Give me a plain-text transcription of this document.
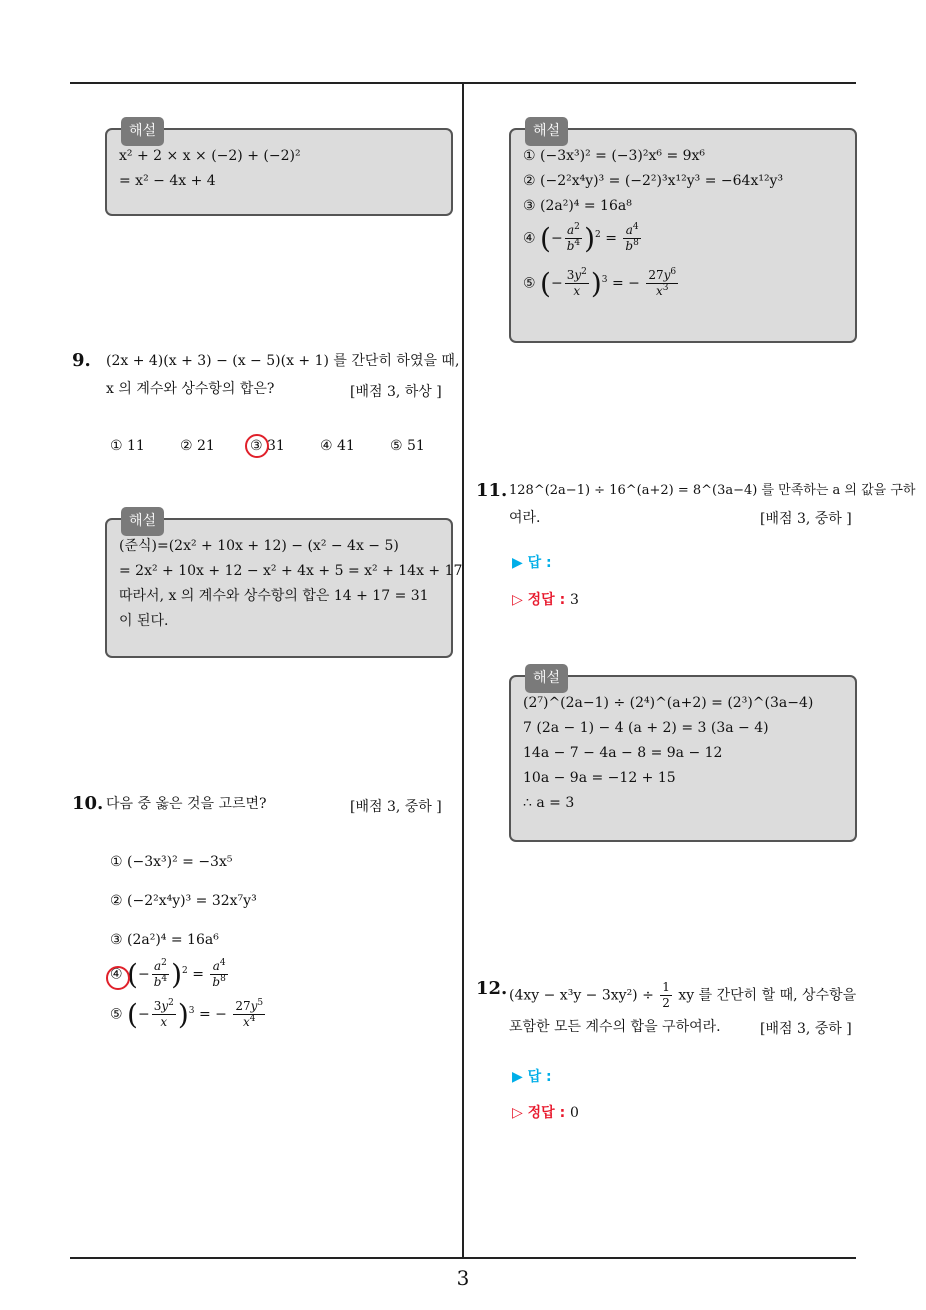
해설
x² + 2 × x × (−2) + (−2)²
= x² − 4x + 4
9. (2x + 4)(x + 3) − (x − 5)(x + 1) 를 간단히 하였을 때,
x 의 계수와 상수항의 합은?	[배점 3, 하상 ]
① 11	② 21	③ 31	④ 41	⑤ 51
해설
(준식)=(2x² + 10x + 12) − (x² − 4x − 5)
= 2x² + 10x + 12 − x² + 4x + 5 = x² + 14x + 17
따라서, x 의 계수와 상수항의 합은 14 + 17 = 31
이 된다.
10. 다음 중 옳은 것을 고르면?	[배점 3, 중하 ]
① (−3x³)² = −3x⁵
② (−2²x⁴y)³ = 32x⁷y³
③ (2a²)⁴ = 16a⁶
④ (− $\frac{a^2}{b^4} )^2 = \frac{a^4}{b^8}$
⑤ (− $\frac{3y^2}{x} )^3$ = − $\frac{27y^5}{x^4}$
해설
① (−3x³)² = (−3)²x⁶ = 9x⁶
② (−2²x⁴y)³ = (−2²)³x¹²y³ = −64x¹²y³
③ (2a²)⁴ = 16a⁸
④ (− $\frac{a^2}{b^4} )^2 = \frac{a^4}{b^8}$
⑤ (− $\frac{3y^2}{x} )^3$ = − $\frac{27y^6}{x^3}$
11. 128^(2a−1) ÷ 16^(a+2) = 8^(3a−4) 를 만족하는 a 의 값을 구하
여라.	[배점 3, 중하 ]
▶ 답 :
▷ 정답 : 3
해설
(2⁷)^(2a−1) ÷ (2⁴)^(a+2) = (2³)^(3a−4)
7 (2a − 1) − 4 (a + 2) = 3 (3a − 4)
14a − 7 − 4a − 8 = 9a − 12
10a − 9a = −12 + 15
∴ a = 3
12. $(4xy - x^3y - 3xy^2) \div \frac{1}{2}$ xy 를 간단히 할 때, 상수항을
포함한 모든 계수의 합을 구하여라.	[배점 3, 중하 ]
▶ 답 :
▷ 정답 : 0
3
